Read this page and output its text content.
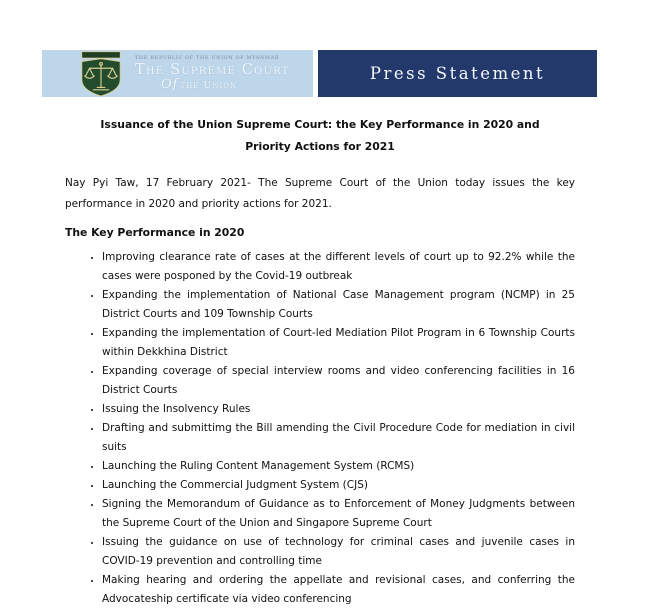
THE REPUBLIC OF THE UNION OF MYANMAR
The Supreme Court
Of the Union
Press Statement
Issuance of the Union Supreme Court: the Key Performance in 2020 and
Priority Actions for 2021

Nay Pyi Taw, 17 February 2021- The Supreme Court of the Union today issues the key performance in 2020 and priority actions for 2021.

The Key Performance in 2020
• Improving clearance rate of cases at the different levels of court up to 92.2% while the cases were posponed by the Covid-19 outbreak
• Expanding the implementation of National Case Management program (NCMP) in 25 District Courts and 109 Township Courts
• Expanding the implementation of Court-led Mediation Pilot Program in 6 Township Courts within Dekkhina District
• Expanding coverage of special interview rooms and video conferencing facilities in 16 District Courts
• Issuing the Insolvency Rules
• Drafting and submittimg the Bill amending the Civil Procedure Code for mediation in civil suits
• Launching the Ruling Content Management System (RCMS)
• Launching the Commercial Judgment System (CJS)
• Signing the Memorandum of Guidance as to Enforcement of Money Judgments between the Supreme Court of the Union and Singapore Supreme Court
• Issuing the guidance on use of technology for criminal cases and juvenile cases in COVID-19 prevention and controlling time
• Making hearing and ordering the appellate and revisional cases, and conferring the Advocateship certificate via video conferencing
